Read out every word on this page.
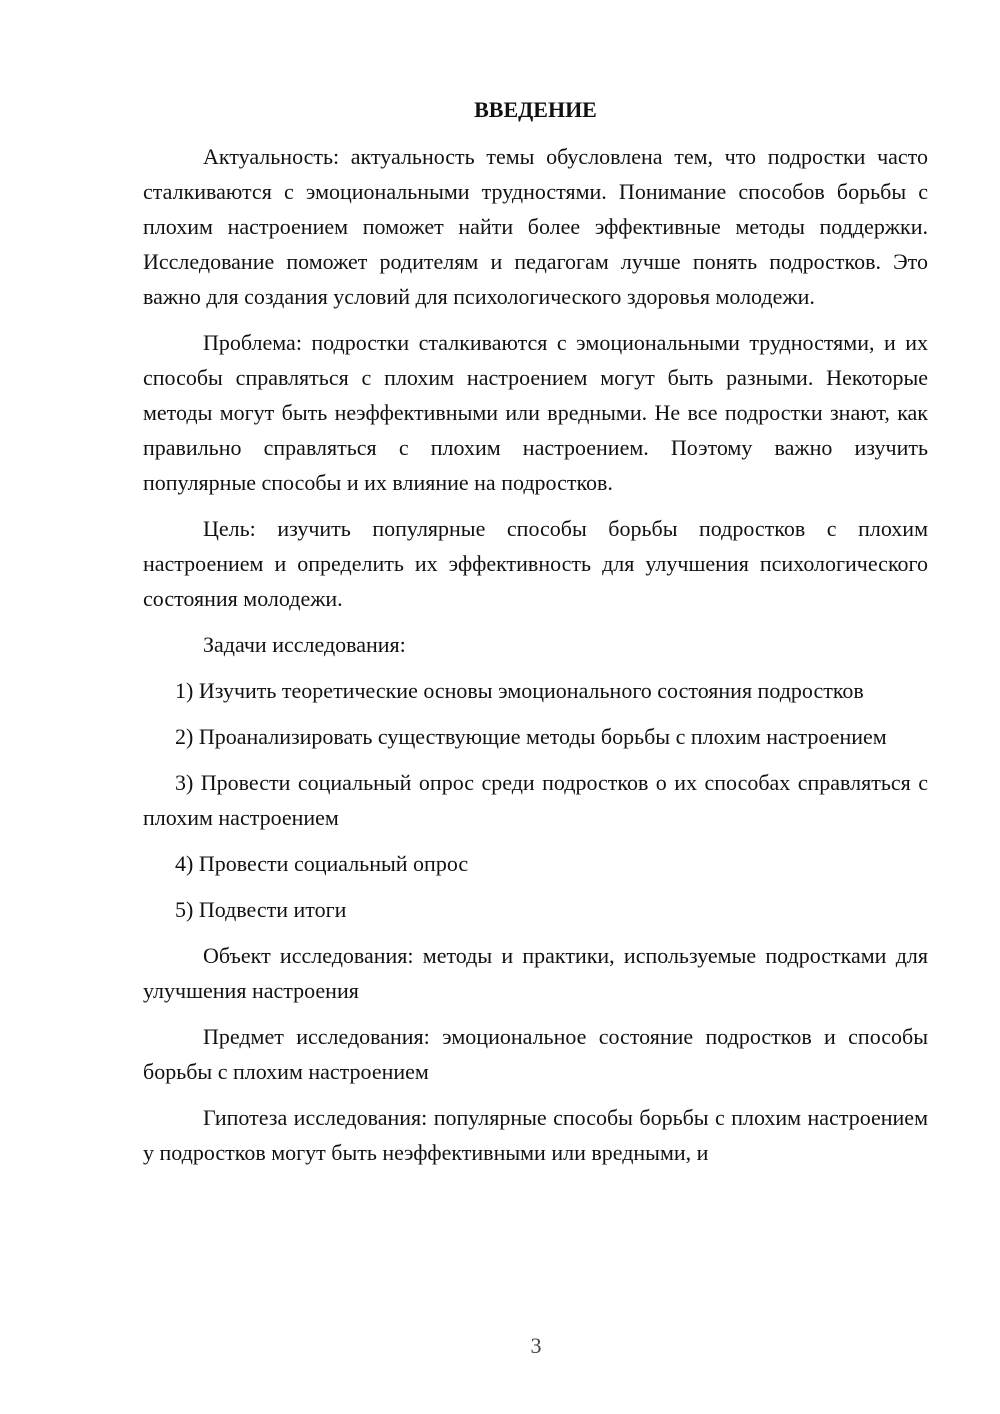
ВВЕДЕНИЕ

Актуальность: актуальность темы обусловлена тем, что подростки часто сталкиваются с эмоциональными трудностями. Понимание способов борьбы с плохим настроением поможет найти более эффективные методы поддержки. Исследование поможет родителям и педагогам лучше понять подростков. Это важно для создания условий для психологического здоровья молодежи.

Проблема: подростки сталкиваются с эмоциональными трудностями, и их способы справляться с плохим настроением могут быть разными. Некоторые методы могут быть неэффективными или вредными. Не все подростки знают, как правильно справляться с плохим настроением. Поэтому важно изучить популярные способы и их влияние на подростков.

Цель: изучить популярные способы борьбы подростков с плохим настроением и определить их эффективность для улучшения психологического состояния молодежи.

Задачи исследования:

1) Изучить теоретические основы эмоционального состояния подростков

2) Проанализировать существующие методы борьбы с плохим настроением

3) Провести социальный опрос среди подростков о их способах справляться с плохим настроением

4) Провести социальный опрос

5) Подвести итоги

Объект исследования: методы и практики, используемые подростками для улучшения настроения

Предмет исследования: эмоциональное состояние подростков и способы борьбы с плохим настроением

Гипотеза исследования: популярные способы борьбы с плохим настроением у подростков могут быть неэффективными или вредными, и

3
